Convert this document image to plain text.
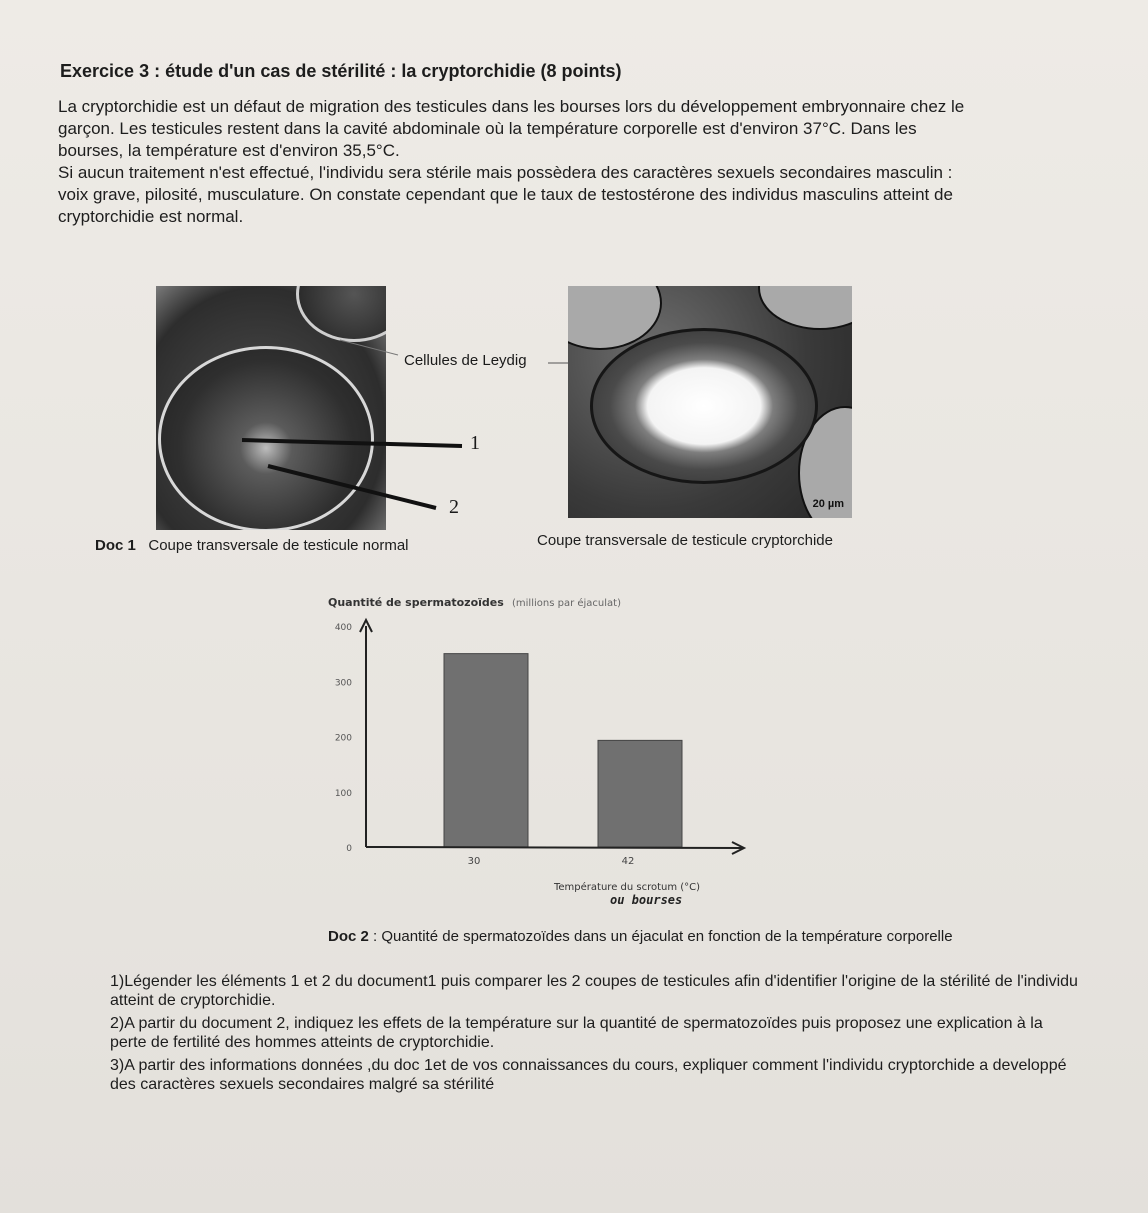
Exercice 3 : étude d'un cas de stérilité : la cryptorchidie (8 points)

La cryptorchidie est un défaut de migration des testicules dans les bourses lors du développement embryonnaire chez le

garçon. Les testicules restent dans la cavité abdominale où la température corporelle est d'environ 37°C. Dans les

bourses, la température est d'environ 35,5°C.

Si aucun traitement n'est effectué, l'individu sera stérile mais possèdera des caractères sexuels secondaires masculin :

voix grave, pilosité, musculature. On constate cependant que le taux de testostérone des individus masculins atteint de

cryptorchidie est normal.

20 µm
Cellules de Leydig
1
2
Doc 1 Coupe transversale de testicule normal	Coupe transversale de testicule cryptorchide
Quantité de spermatozoïdes (millions par éjaculat)
0
100
200
300
400
30	42
Température du scrotum (°C)
ou bourses
Doc 2 : Quantité de spermatozoïdes dans un éjaculat en fonction de la température corporelle

1)Légender les éléments 1 et 2 du document1 puis comparer les 2 coupes de testicules afin d'identifier l'origine de la stérilité de l'individu atteint de cryptorchidie.

2)A partir du document 2, indiquez les effets de la température sur la quantité de spermatozoïdes puis proposez une explication à la perte de fertilité des hommes atteints de cryptorchidie.

3)A partir des informations données ,du doc 1et de vos connaissances du cours, expliquer comment l'individu cryptorchide a developpé des caractères sexuels secondaires malgré sa stérilité
